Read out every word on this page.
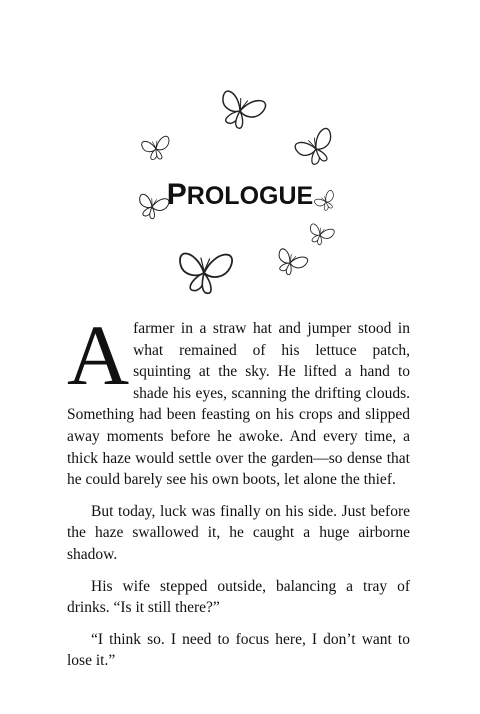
PROLOGUE

Afarmer in a straw hat and jumper stood in what remained of his lettuce patch, squinting at the sky. He lifted a hand to shade his eyes, scanning the drifting clouds. Something had been feasting on his crops and slipped away moments before he awoke. And every time, a thick haze would settle over the garden—so dense that he could barely see his own boots, let alone the thief.

But today, luck was finally on his side. Just before the haze swallowed it, he caught a huge airborne shadow.

His wife stepped outside, balancing a tray of drinks. “Is it still there?”

“I think so. I need to focus here, I don’t want to lose it.”
